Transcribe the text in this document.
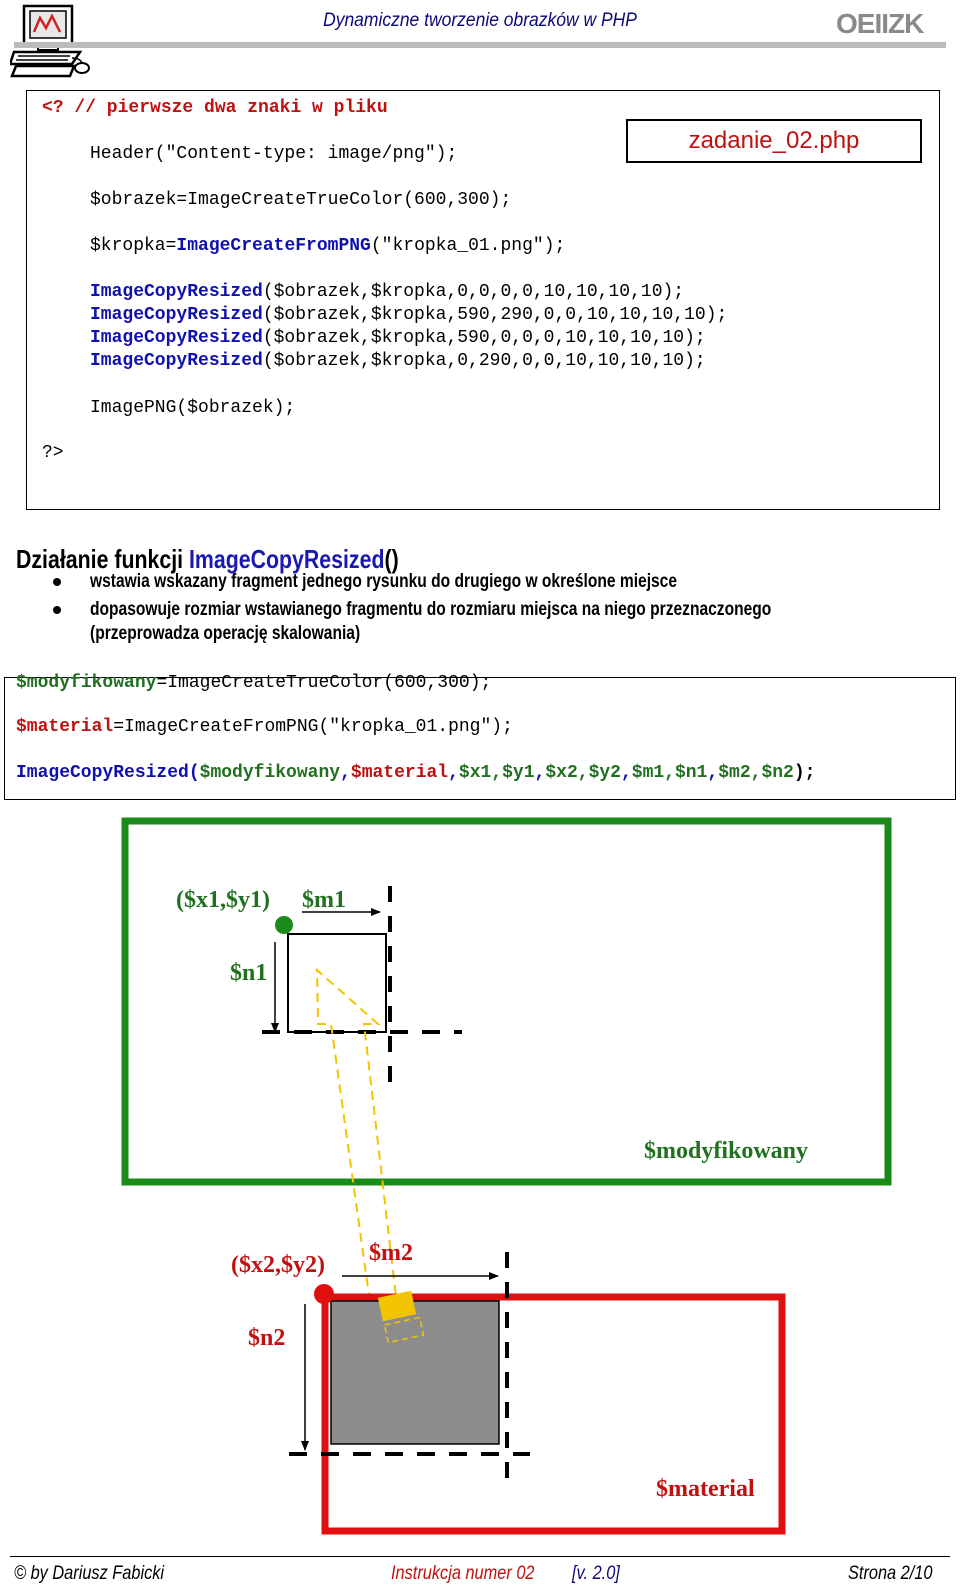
Dynamiczne tworzenie obrazków w PHP	OEIIZK
zadanie_02.php
<? // pierwsze dwa znaki w pliku
Header("Content-type: image/png");
$obrazek=ImageCreateTrueColor(600,300);
$kropka=ImageCreateFromPNG("kropka_01.png");
ImageCopyResized($obrazek,$kropka,0,0,0,0,10,10,10,10);
ImageCopyResized($obrazek,$kropka,590,290,0,0,10,10,10,10);
ImageCopyResized($obrazek,$kropka,590,0,0,0,10,10,10,10);
ImageCopyResized($obrazek,$kropka,0,290,0,0,10,10,10,10);
ImagePNG($obrazek);
?>
Działanie funkcji ImageCopyResized()
wstawia wskazany fragment jednego rysunku do drugiego w określone miejsce
dopasowuje rozmiar wstawianego fragmentu do rozmiaru miejsca na niego przeznaczonego
(przeprowadza operację skalowania)
$modyfikowany=ImageCreateTrueColor(600,300);
$material=ImageCreateFromPNG("kropka_01.png");
ImageCopyResized($modyfikowany,$material,$x1,$y1,$x2,$y2,$m1,$n1,$m2,$n2);
($x1,$y1) $m1
$n1
$modyfikowany
($x2,$y2) $m2
$n2
$material
© by Dariusz Fabicki	Instrukcja numer 02 [v. 2.0]	Strona 2/10
